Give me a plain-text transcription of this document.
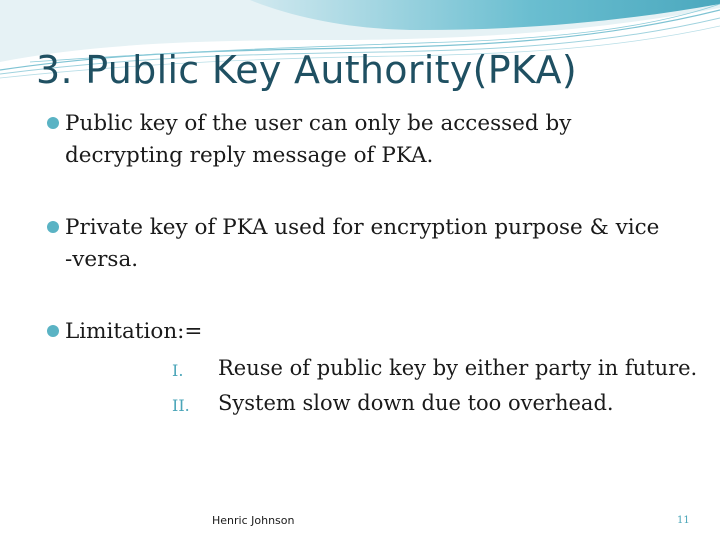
3. Public Key Authority(PKA)
Public key of the user can only be accessed by
decrypting reply message of PKA.
Private key of PKA used for encryption purpose & vice
-versa.
Limitation:=
I. Reuse of public key by either party in future.
II. System slow down due too overhead.
Henric Johnson	11
